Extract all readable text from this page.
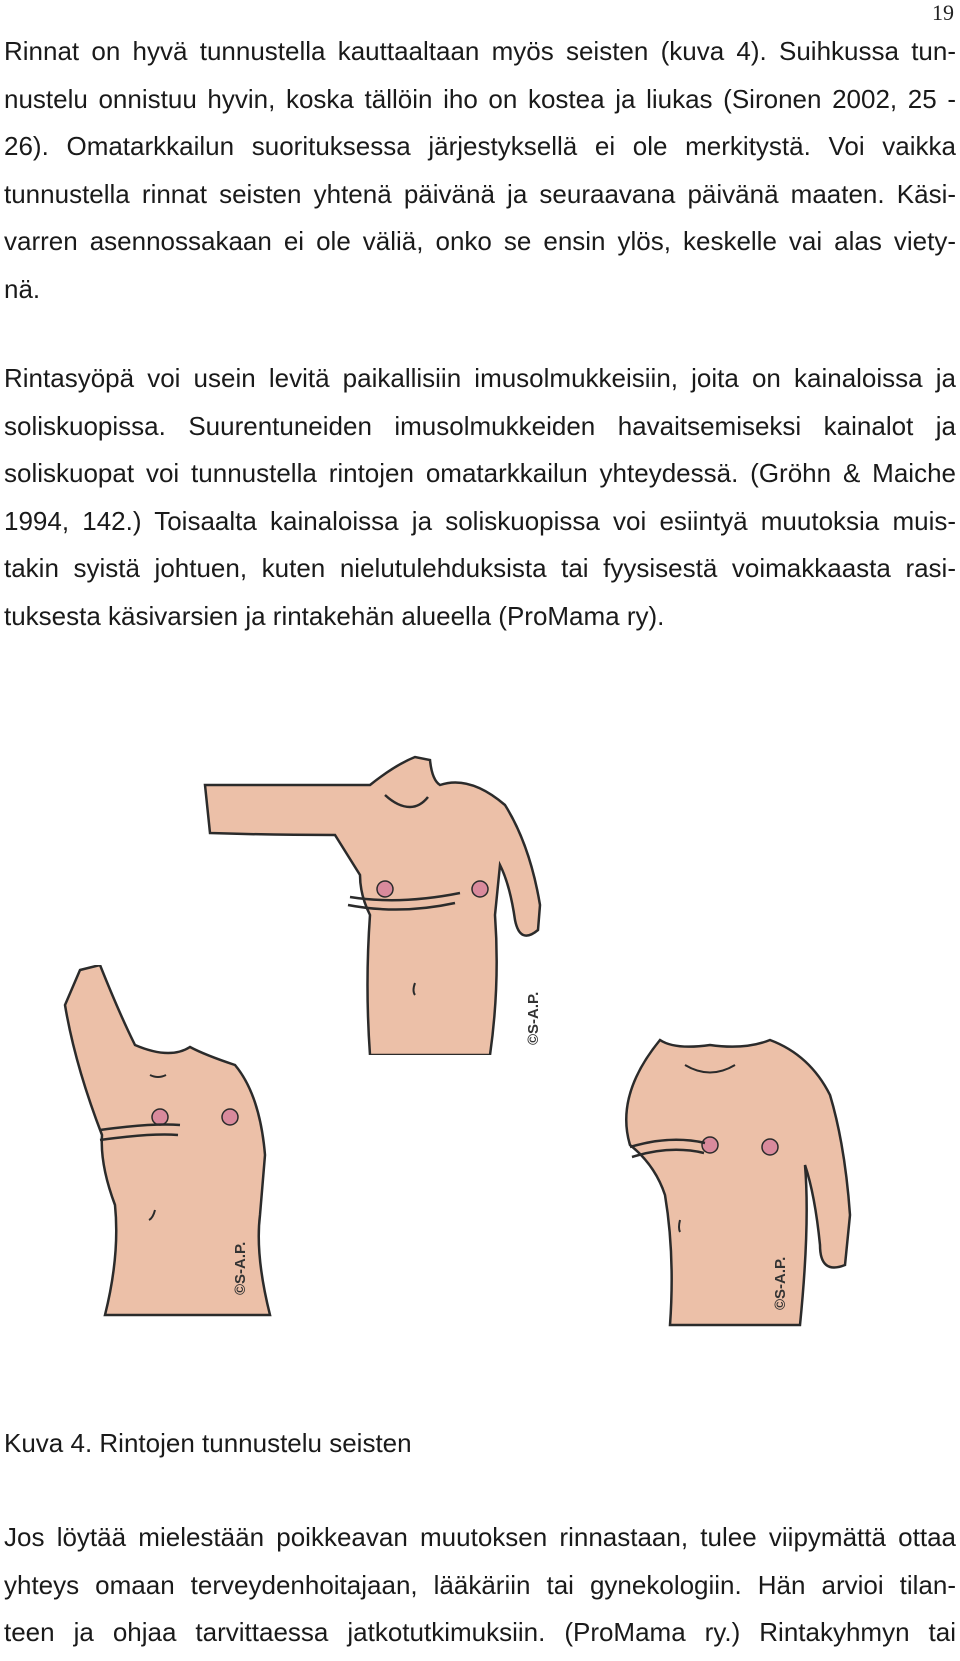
19
Rinnat on hyvä tunnustella kauttaaltaan myös seisten (kuva 4). Suihkussa tun-
nustelu onnistuu hyvin, koska tällöin iho on kostea ja liukas (Sironen 2002, 25 -
26). Omatarkkailun suorituksessa järjestyksellä ei ole merkitystä. Voi vaikka
tunnustella rinnat seisten yhtenä päivänä ja seuraavana päivänä maaten. Käsi-
varren asennossakaan ei ole väliä, onko se ensin ylös, keskelle vai alas viety-
nä.
Rintasyöpä voi usein levitä paikallisiin imusolmukkeisiin, joita on kainaloissa ja
soliskuopissa. Suurentuneiden imusolmukkeiden havaitsemiseksi kainalot ja
soliskuopat voi tunnustella rintojen omatarkkailun yhteydessä. (Gröhn & Maiche
1994, 142.) Toisaalta kainaloissa ja soliskuopissa voi esiintyä muutoksia muis-
takin syistä johtuen, kuten nielutulehduksista tai fyysisestä voimakkaasta rasi-
tuksesta käsivarsien ja rintakehän alueella (ProMama ry).
©S-A.P.
©S-A.P.	©S-A.P.
Kuva 4. Rintojen tunnustelu seisten
Jos löytää mielestään poikkeavan muutoksen rinnastaan, tulee viipymättä ottaa
yhteys omaan terveydenhoitajaan, lääkäriin tai gynekologiin. Hän arvioi tilan-
teen ja ohjaa tarvittaessa jatkotutkimuksiin. (ProMama ry.) Rintakyhmyn tai
